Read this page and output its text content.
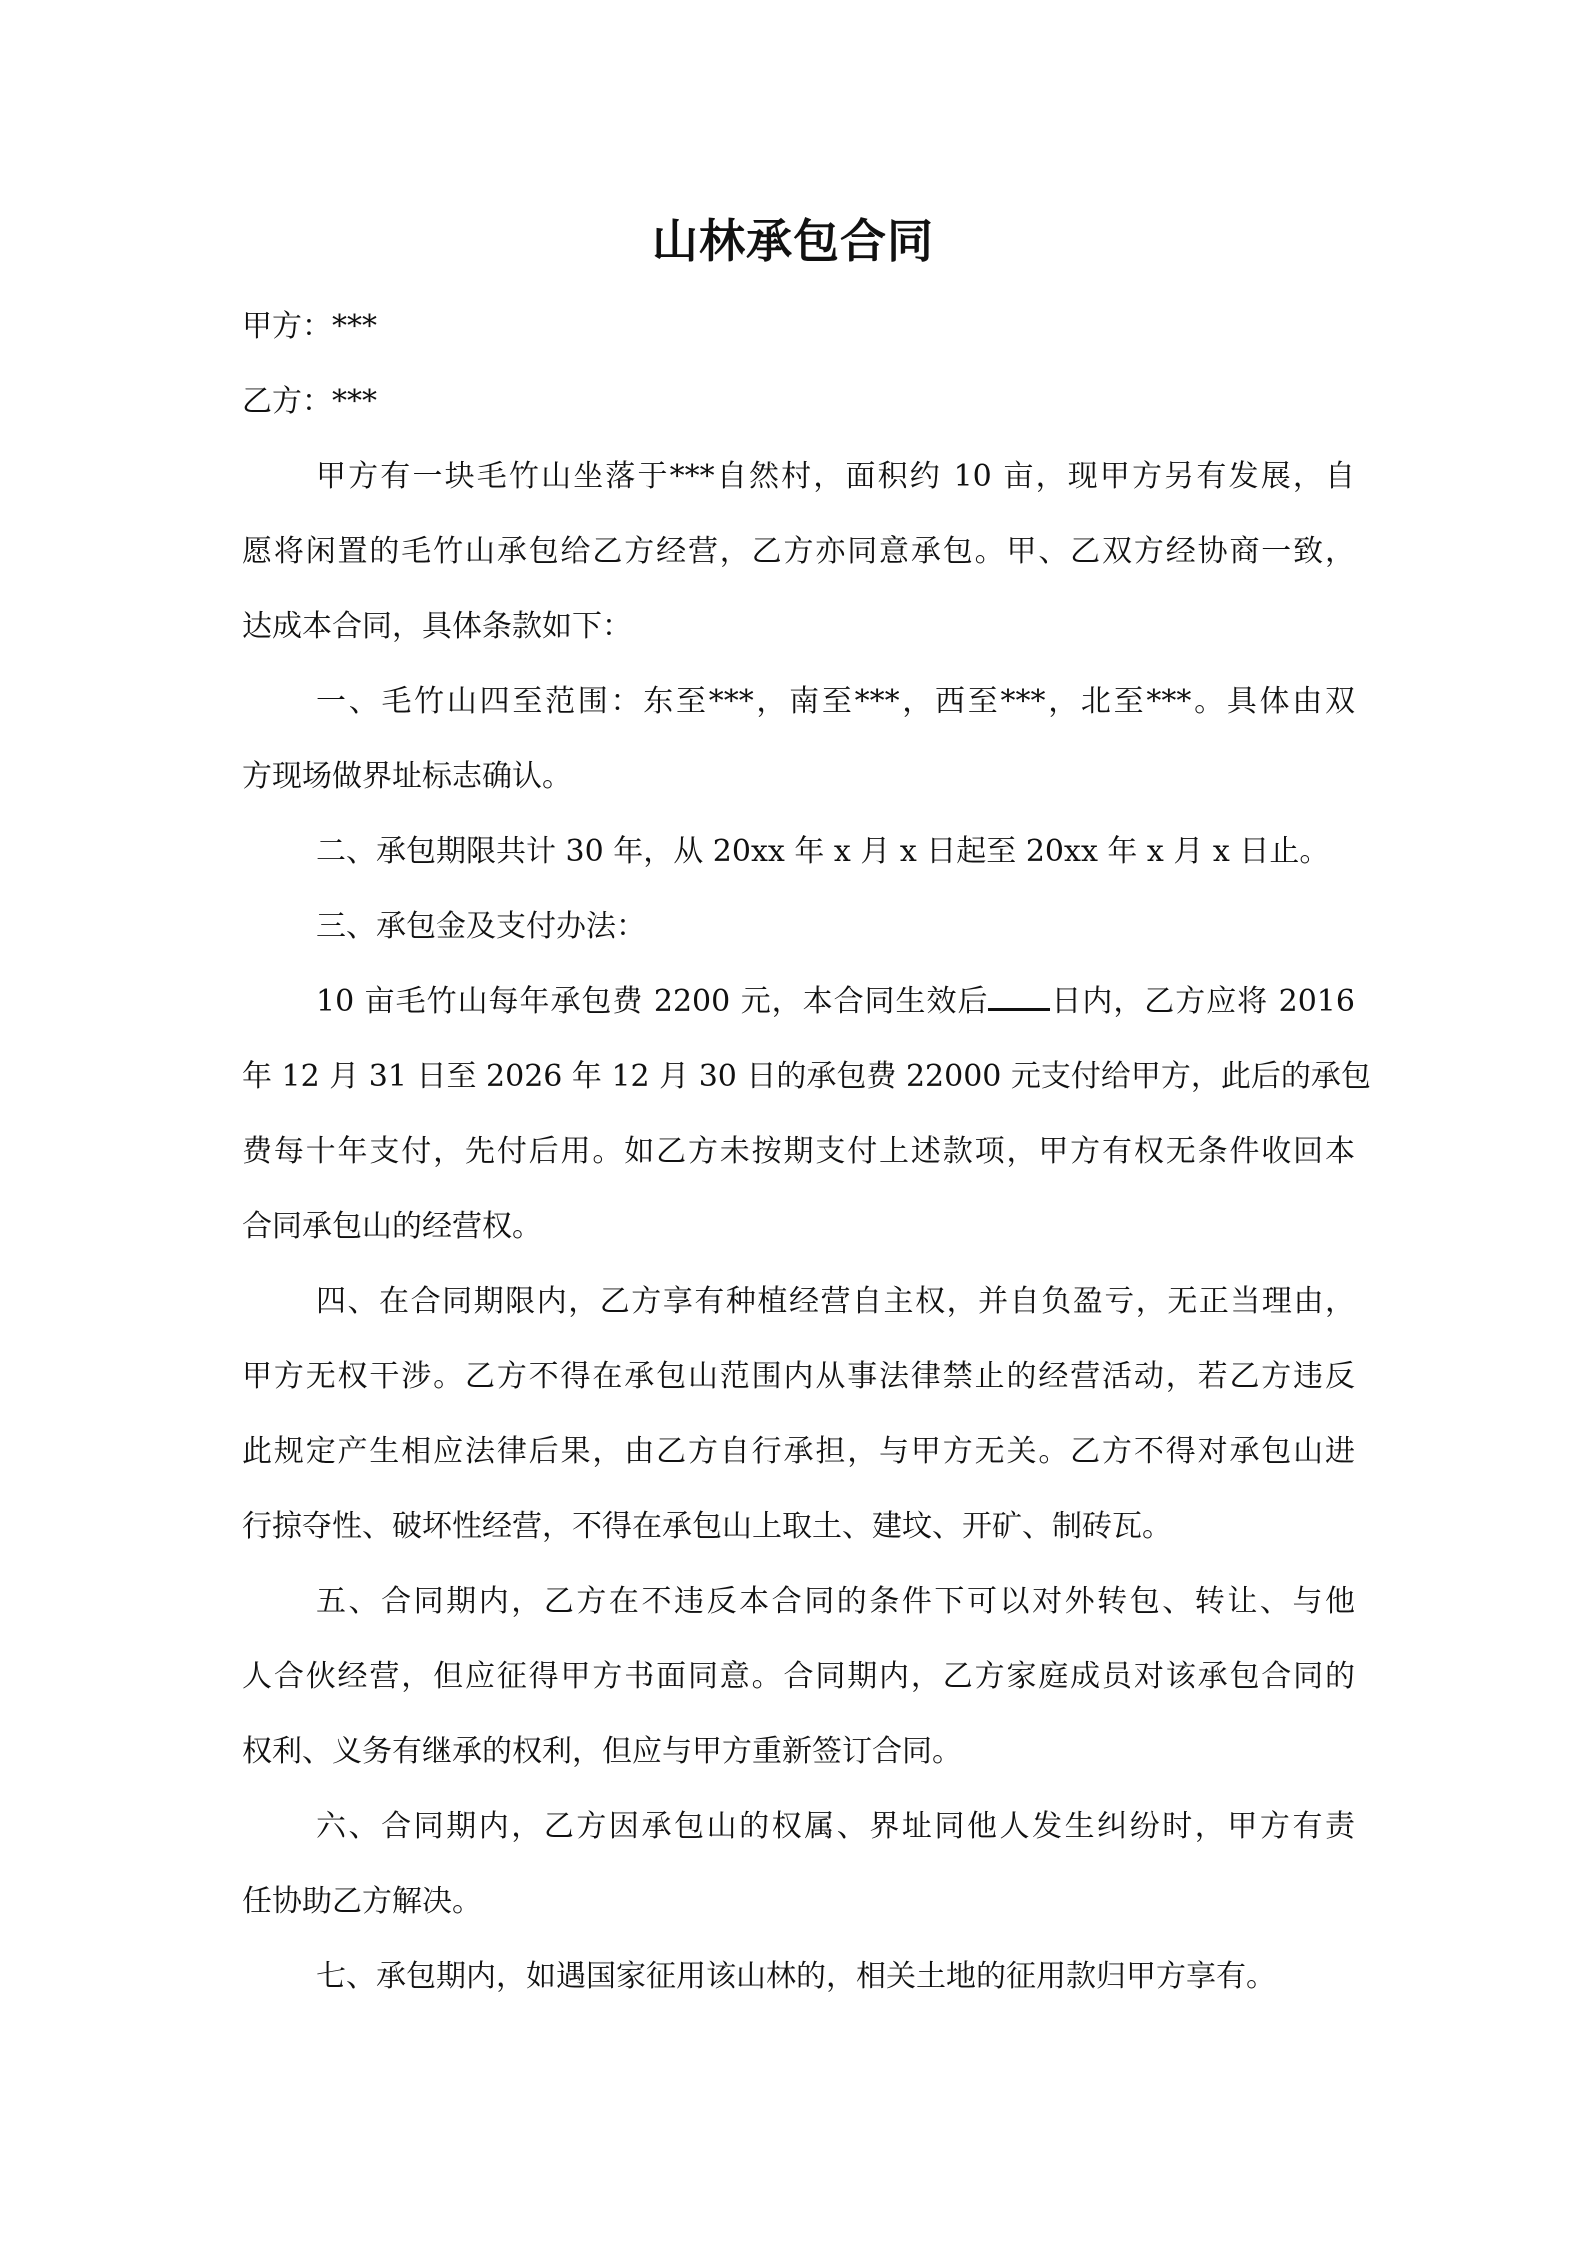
山林承包合同
甲方：***
乙方：***
甲方有一块毛竹山坐落于***自然村，面积约 10 亩，现甲方另有发展，自
愿将闲置的毛竹山承包给乙方经营，乙方亦同意承包。甲、乙双方经协商一致，
达成本合同，具体条款如下：
一、毛竹山四至范围：东至***，南至***，西至***，北至***。具体由双
方现场做界址标志确认。
二、承包期限共计 30 年，从 20xx 年 x 月 x 日起至 20xx 年 x 月 x 日止。
三、承包金及支付办法：
10 亩毛竹山每年承包费 2200 元，本合同生效后 日内，乙方应将 2016
年 12 月 31 日至 2026 年 12 月 30 日的承包费 22000 元支付给甲方，此后的承包
费每十年支付，先付后用。如乙方未按期支付上述款项，甲方有权无条件收回本
合同承包山的经营权。
四、在合同期限内，乙方享有种植经营自主权，并自负盈亏，无正当理由，
甲方无权干涉。乙方不得在承包山范围内从事法律禁止的经营活动，若乙方违反
此规定产生相应法律后果，由乙方自行承担，与甲方无关。乙方不得对承包山进
行掠夺性、破坏性经营，不得在承包山上取土、建坟、开矿、制砖瓦。
五、合同期内，乙方在不违反本合同的条件下可以对外转包、转让、与他
人合伙经营，但应征得甲方书面同意。合同期内，乙方家庭成员对该承包合同的
权利、义务有继承的权利，但应与甲方重新签订合同。
六、合同期内，乙方因承包山的权属、界址同他人发生纠纷时，甲方有责
任协助乙方解决。
七、承包期内，如遇国家征用该山林的，相关土地的征用款归甲方享有。
